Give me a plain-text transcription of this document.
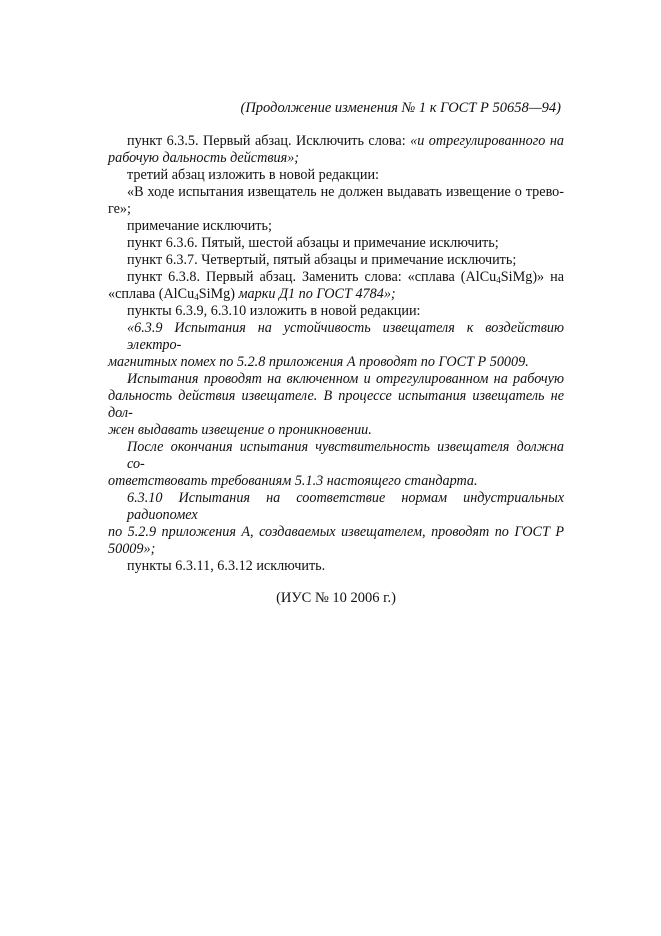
(Продолжение изменения № 1 к ГОСТ Р 50658—94)
пункт 6.3.5. Первый абзац. Исключить слова: «и отрегулированного на
рабочую дальность действия»;
третий абзац изложить в новой редакции:
«В ходе испытания извещатель не должен выдавать извещение о трево-
ге»;
примечание исключить;
пункт 6.3.6. Пятый, шестой абзацы и примечание исключить;
пункт 6.3.7. Четвертый, пятый абзацы и примечание исключить;
пункт 6.3.8. Первый абзац. Заменить слова: «сплава (AlCu$_4$SiMg)» на
«сплава (AlCu$_4$SiMg) марки Д1 по ГОСТ 4784»;
пункты 6.3.9, 6.3.10 изложить в новой редакции:
«6.3.9 Испытания на устойчивость извещателя к воздействию электро-
магнитных помех по 5.2.8 приложения А проводят по ГОСТ Р 50009.
Испытания проводят на включенном и отрегулированном на рабочую
дальность действия извещателе. В процессе испытания извещатель не дол-
жен выдавать извещение о проникновении.
После окончания испытания чувствительность извещателя должна со-
ответствовать требованиям 5.1.3 настоящего стандарта.
6.3.10 Испытания на соответствие нормам индустриальных радиопомех
по 5.2.9 приложения А, создаваемых извещателем, проводят по ГОСТ Р 50009»;
пункты 6.3.11, 6.3.12 исключить.
(ИУС № 10 2006 г.)
